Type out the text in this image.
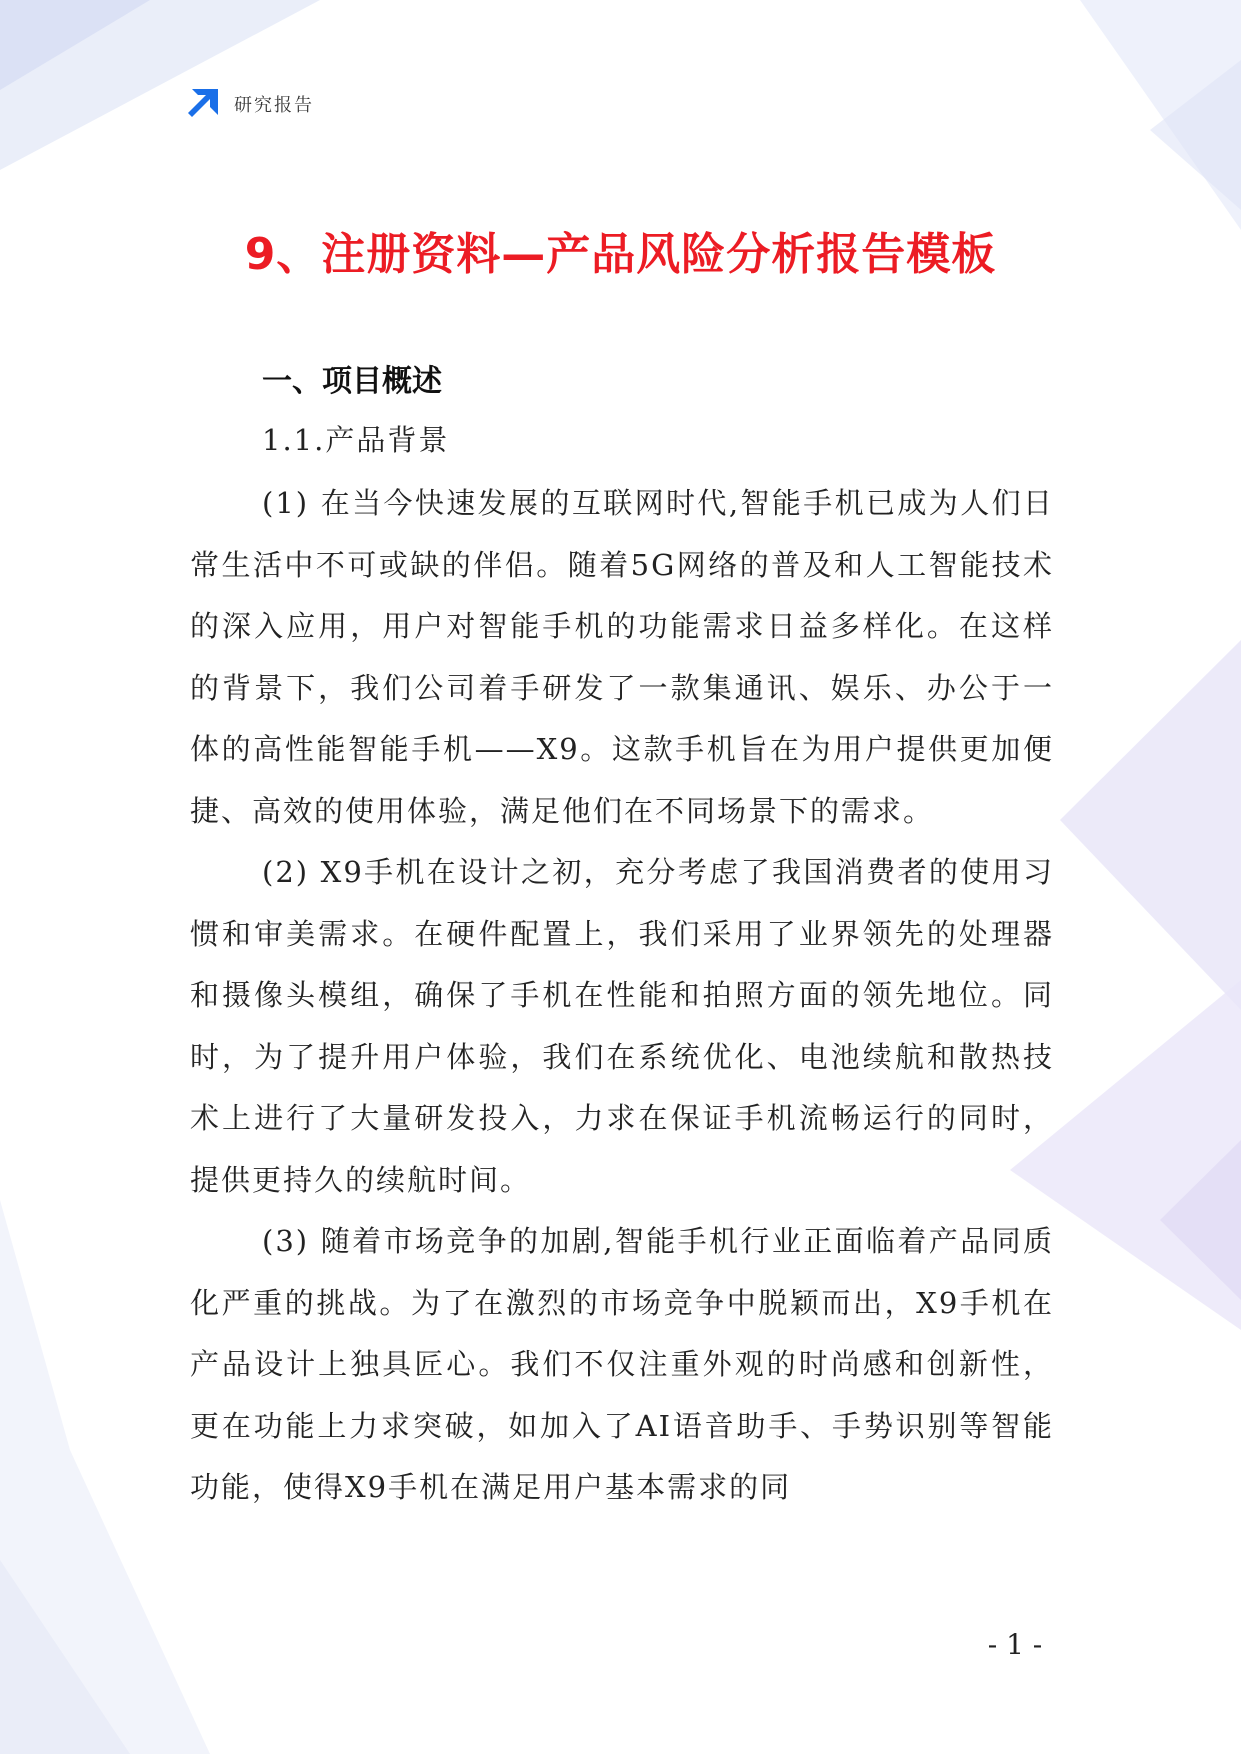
研究报告
9、注册资料—产品风险分析报告模板
一、项目概述
1.1.产品背景

(1) 在当今快速发展的互联网时代,智能手机已成为人们日常生活中不可或缺的伴侣。随着5G网络的普及和人工智能技术的深入应用，用户对智能手机的功能需求日益多样化。在这样的背景下，我们公司着手研发了一款集通讯、娱乐、办公于一体的高性能智能手机——X9。这款手机旨在为用户提供更加便捷、高效的使用体验，满足他们在不同场景下的需求。

(2) X9手机在设计之初，充分考虑了我国消费者的使用习惯和审美需求。在硬件配置上，我们采用了业界领先的处理器和摄像头模组，确保了手机在性能和拍照方面的领先地位。同时，为了提升用户体验，我们在系统优化、电池续航和散热技术上进行了大量研发投入，力求在保证手机流畅运行的同时，提供更持久的续航时间。

(3) 随着市场竞争的加剧,智能手机行业正面临着产品同质化严重的挑战。为了在激烈的市场竞争中脱颖而出，X9手机在产品设计上独具匠心。我们不仅注重外观的时尚感和创新性，更在功能上力求突破，如加入了AI语音助手、手势识别等智能功能，使得X9手机在满足用户基本需求的同

- 1 -
